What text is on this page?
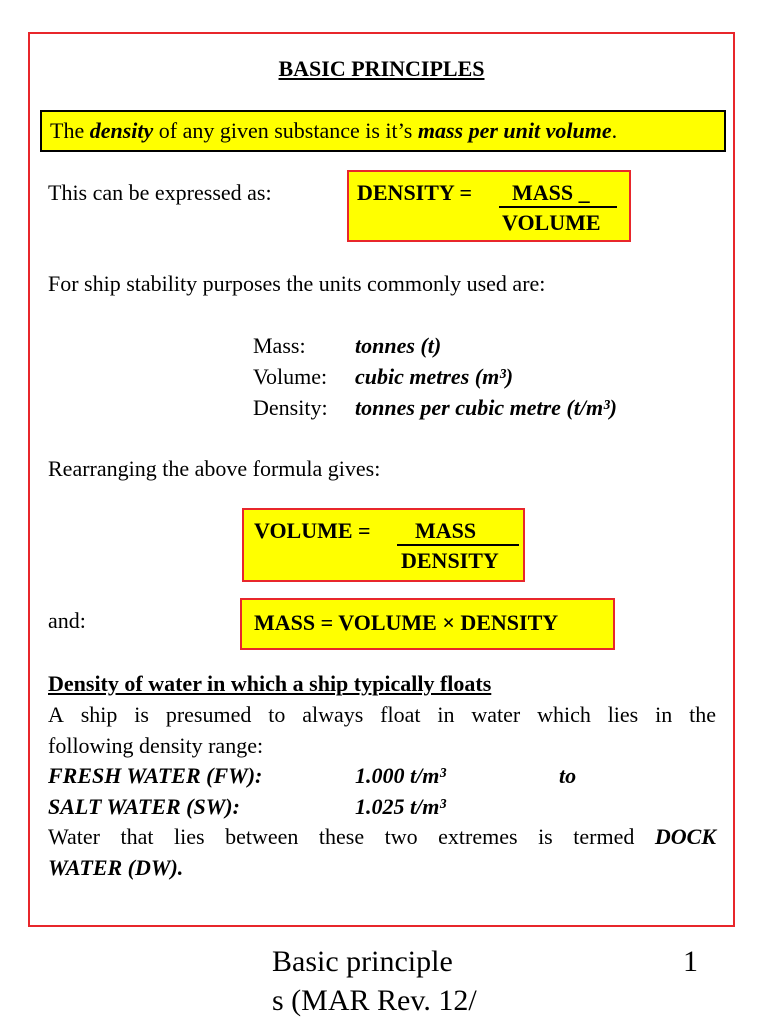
BASIC PRINCIPLES
The density of any given substance is it’s mass per unit volume.
This can be expressed as:	DENSITY = MASS _
VOLUME
For ship stability purposes the units commonly used are:
Mass: tonnes (t)
Volume: cubic metres (m³)
Density: tonnes per cubic metre (t/m³)
Rearranging the above formula gives:
VOLUME = MASS
DENSITY
and:	MASS = VOLUME × DENSITY
Density of water in which a ship typically floats
A ship is presumed to always float in water which lies in the
following density range:
FRESH WATER (FW):	1.000 t/m³	to
SALT WATER (SW):	1.025 t/m³
Water that lies between these two extremes is termed DOCK
WATER (DW).
Basic principle
s (MAR Rev. 12/
1
